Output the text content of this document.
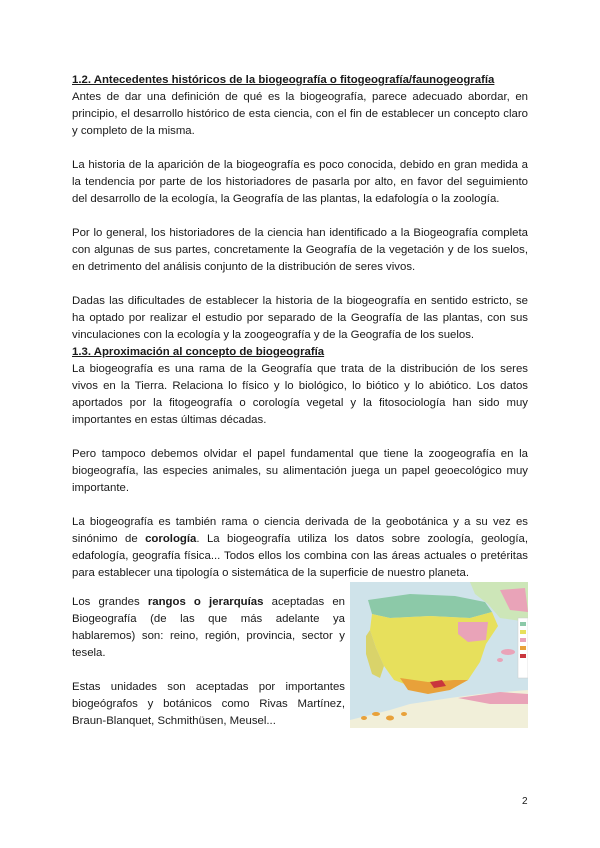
1.2. Antecedentes históricos de la biogeografía o fitogeografía/faunogeografía

Antes de dar una definición de qué es la biogeografía, parece adecuado abordar, en principio, el desarrollo histórico de esta ciencia, con el fin de establecer un concepto claro y completo de la misma.

La historia de la aparición de la biogeografía es poco conocida, debido en gran medida a la tendencia por parte de los historiadores de pasarla por alto, en favor del seguimiento del desarrollo de la ecología, la Geografía de las plantas, la edafología o la zoología.

Por lo general, los historiadores de la ciencia han identificado a la Biogeografía completa con algunas de sus partes, concretamente la Geografía de la vegetación y de los suelos, en detrimento del análisis conjunto de la distribución de seres vivos.

Dadas las dificultades de establecer la historia de la biogeografía en sentido estricto, se ha optado por realizar el estudio por separado de la Geografía de las plantas, con sus vinculaciones con la ecología y la zoogeografía y de la Geografía de los suelos.

1.3. Aproximación al concepto de biogeografía

La biogeografía es una rama de la Geografía que trata de la distribución de los seres vivos en la Tierra. Relaciona lo físico y lo biológico, lo biótico y lo abiótico. Los datos aportados por la fitogeografía o corología vegetal y la fitosociología han sido muy importantes en estas últimas décadas.

Pero tampoco debemos olvidar el papel fundamental que tiene la zoogeografía en la biogeografía, las especies animales, su alimentación juega un papel geoecológico muy importante.

La biogeografía es también rama o ciencia derivada de la geobotánica y a su vez es sinónimo de corología. La biogeografía utiliza los datos sobre zoología, geología, edafología, geografía física... Todos ellos los combina con las áreas actuales o pretéritas para establecer una tipología o sistemática de la superficie de nuestro planeta.

Los grandes rangos o jerarquías aceptadas en Biogeografía (de las que más adelante ya hablaremos) son: reino, región, provincia, sector y tesela.

Estas unidades son aceptadas por importantes biogeógrafos y botánicos como Rivas Martínez, Braun-Blanquet, Schmithüsen, Meusel...

2
